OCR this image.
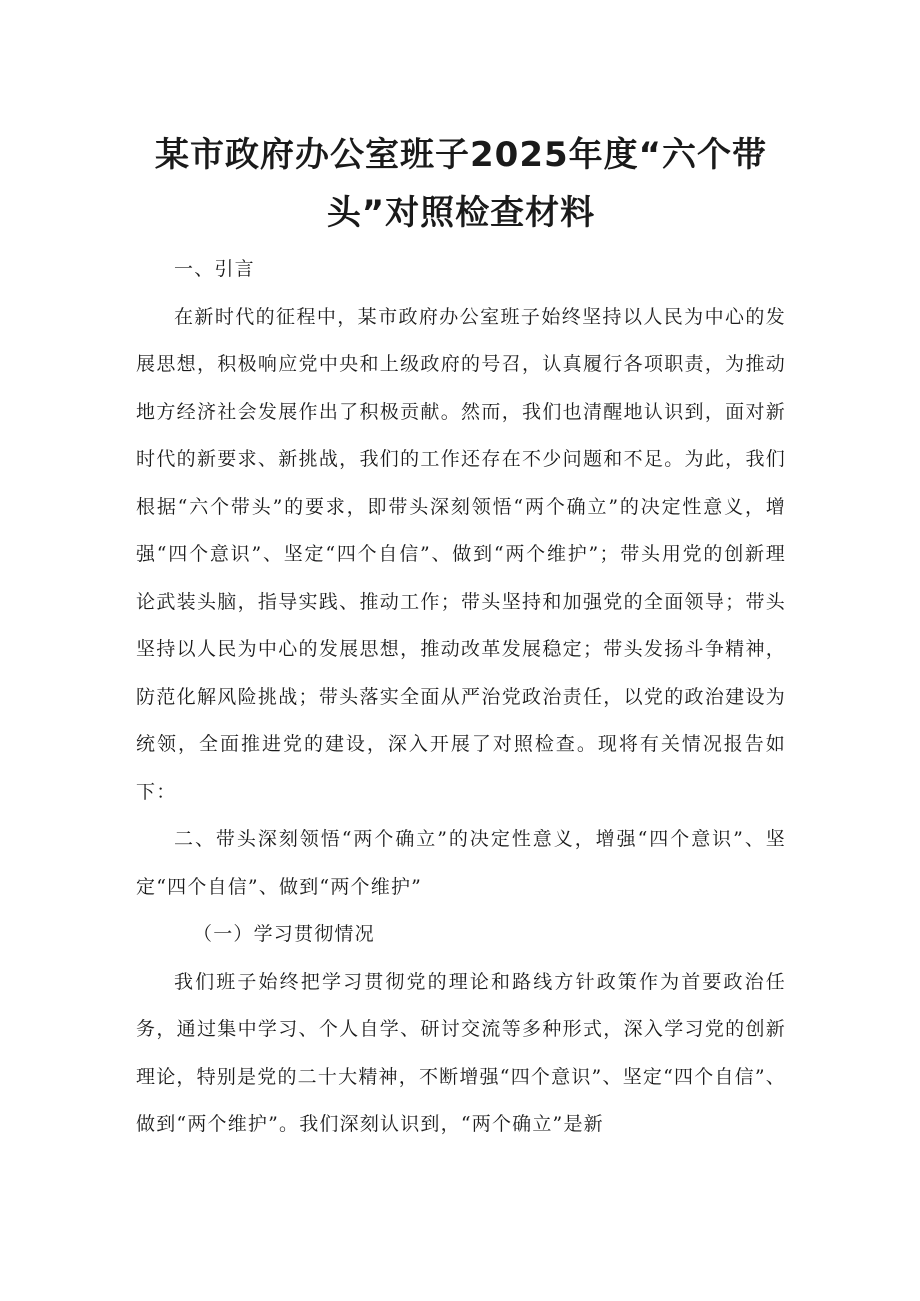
某市政府办公室班子2025年度“六个带头”对照检查材料

一、引言

在新时代的征程中，某市政府办公室班子始终坚持以人民为中心的发展思想，积极响应党中央和上级政府的号召，认真履行各项职责，为推动地方经济社会发展作出了积极贡献。然而，我们也清醒地认识到，面对新时代的新要求、新挑战，我们的工作还存在不少问题和不足。为此，我们根据“六个带头”的要求，即带头深刻领悟“两个确立”的决定性意义，增强“四个意识”、坚定“四个自信”、做到“两个维护”；带头用党的创新理论武装头脑，指导实践、推动工作；带头坚持和加强党的全面领导；带头坚持以人民为中心的发展思想，推动改革发展稳定；带头发扬斗争精神，防范化解风险挑战；带头落实全面从严治党政治责任，以党的政治建设为统领，全面推进党的建设，深入开展了对照检查。现将有关情况报告如下：

二、带头深刻领悟“两个确立”的决定性意义，增强“四个意识”、坚定“四个自信”、做到“两个维护”

（一）学习贯彻情况

我们班子始终把学习贯彻党的理论和路线方针政策作为首要政治任务，通过集中学习、个人自学、研讨交流等多种形式，深入学习党的创新理论，特别是党的二十大精神，不断增强“四个意识”、坚定“四个自信”、做到“两个维护”。我们深刻认识到，“两个确立”是新
